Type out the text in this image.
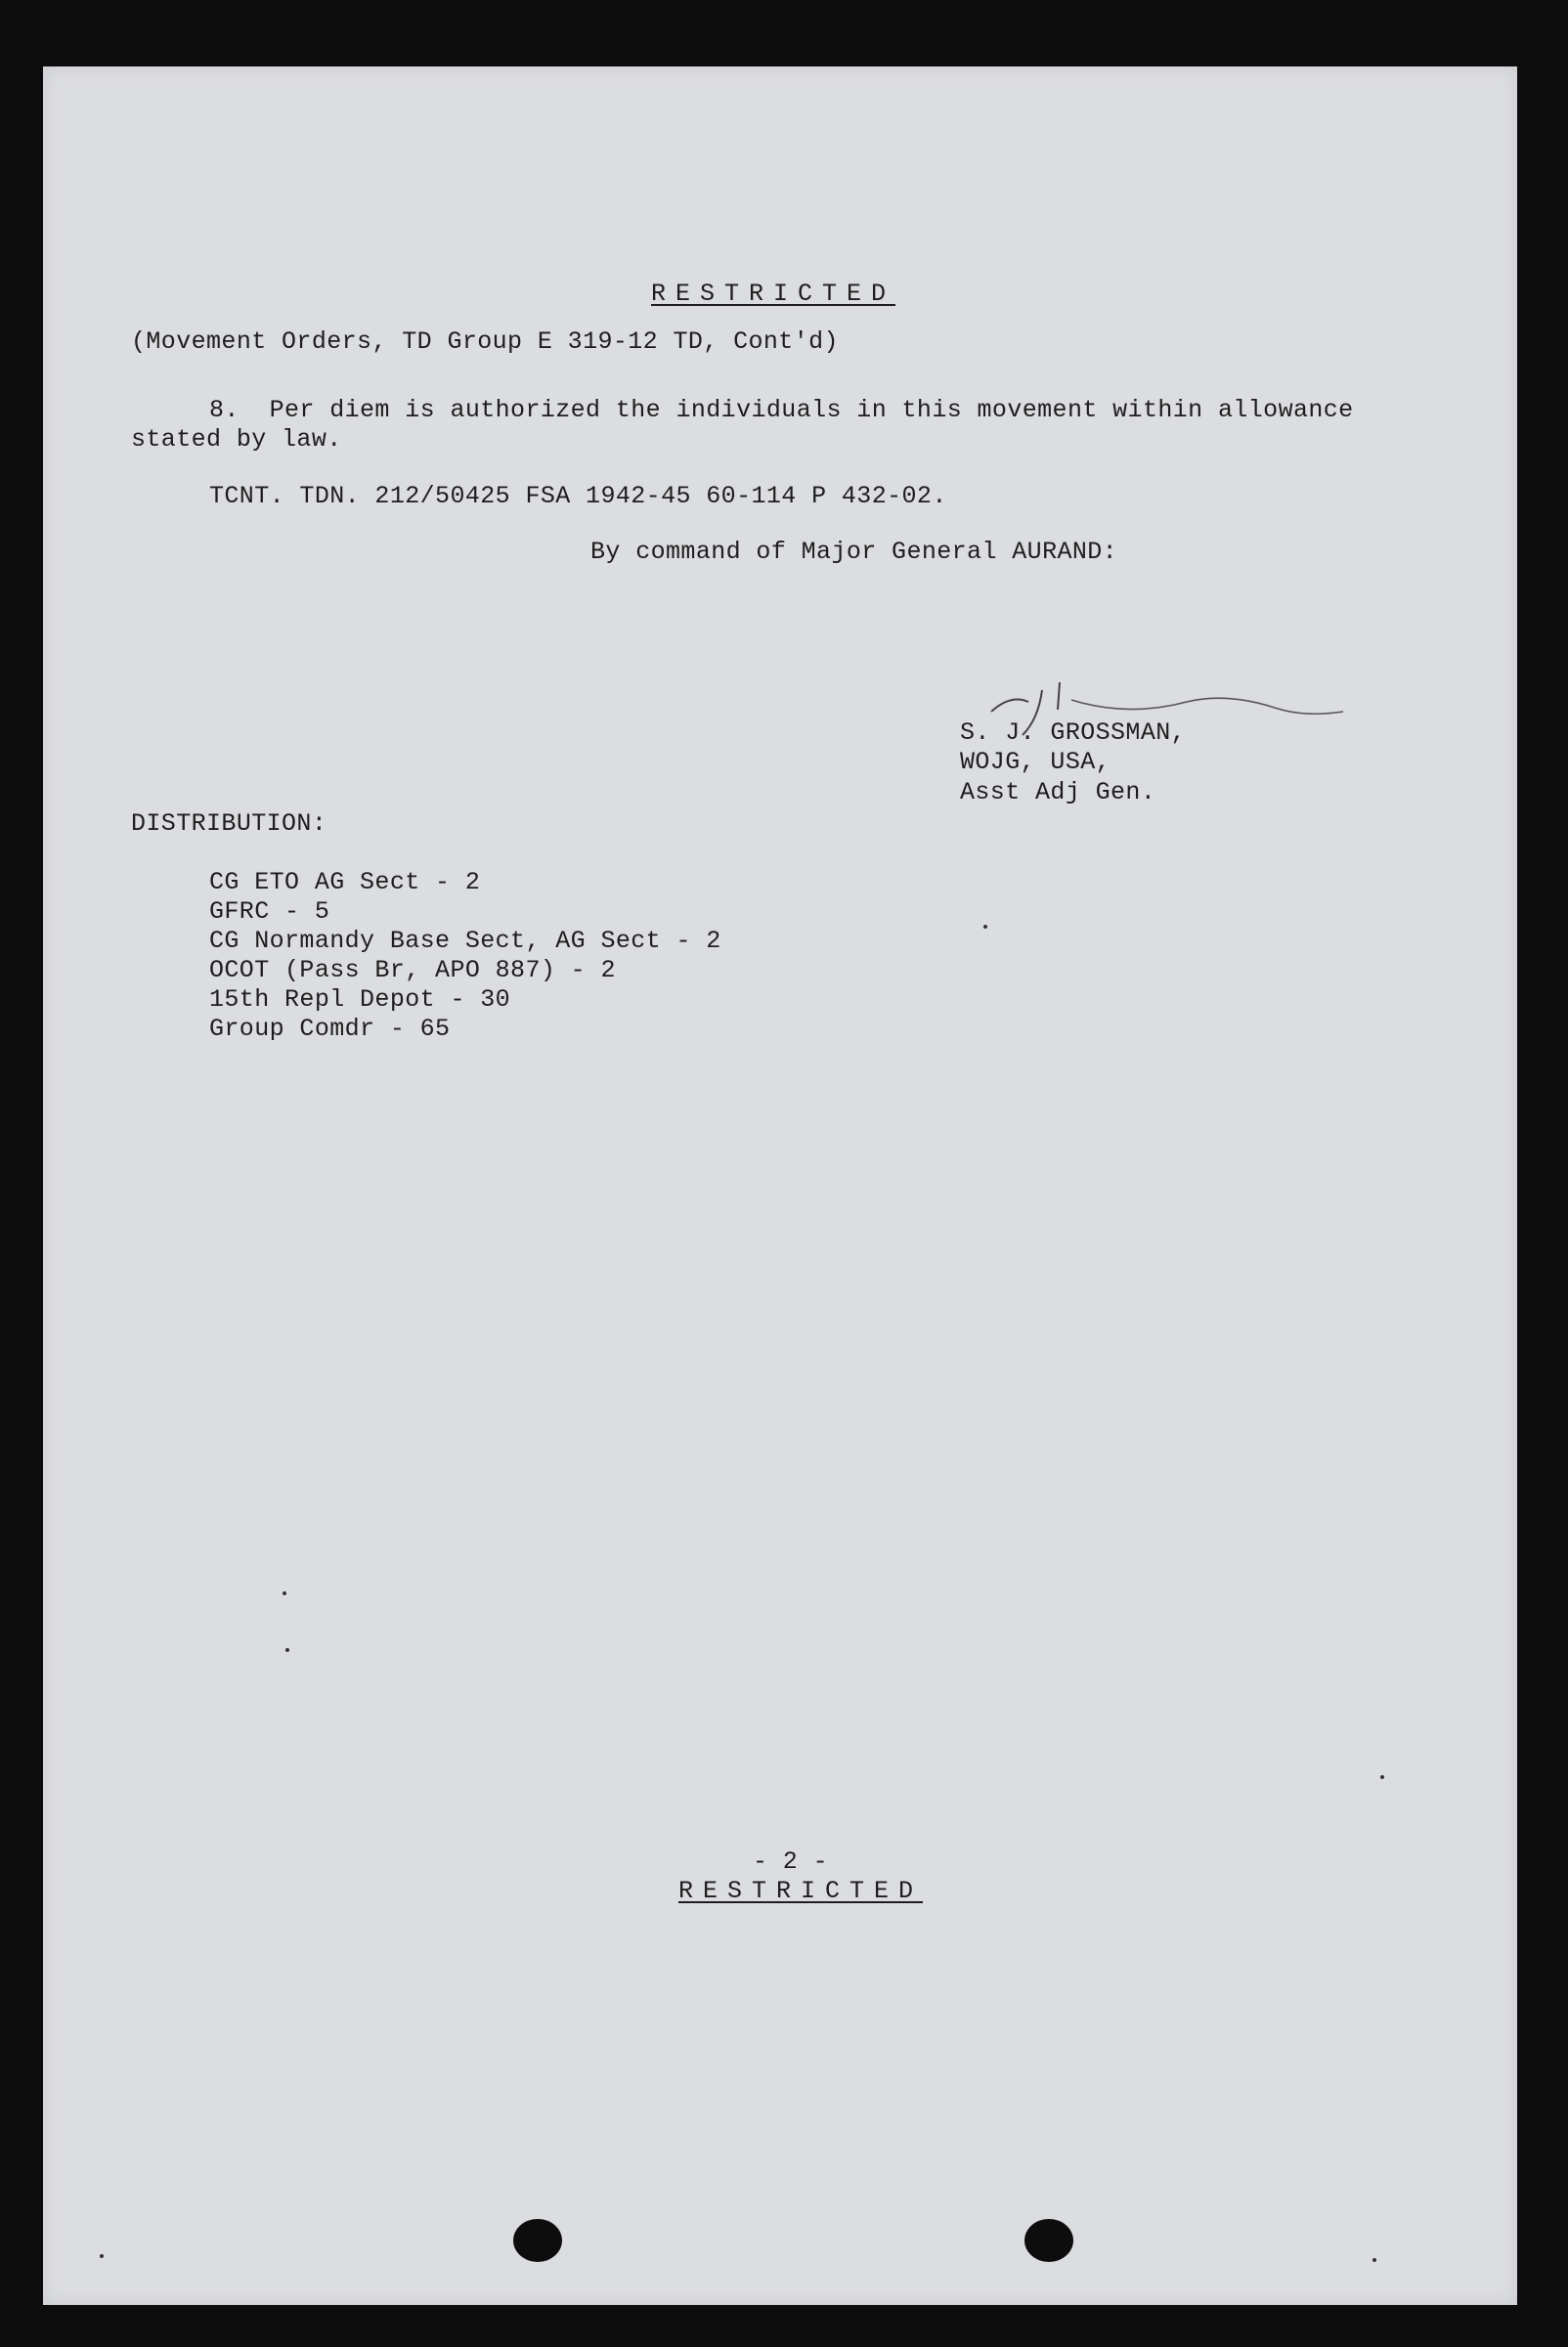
RESTRICTED
(Movement Orders, TD Group E 319-12 TD, Cont'd)
8.  Per diem is authorized the individuals in this movement within allowance
stated by law.
TCNT. TDN. 212/50425 FSA 1942-45 60-114 P 432-02.
By command of Major General AURAND:
S. J. GROSSMAN,
WOJG, USA,
Asst Adj Gen.
DISTRIBUTION:
CG ETO AG Sect - 2
GFRC - 5
CG Normandy Base Sect, AG Sect - 2
OCOT (Pass Br, APO 887) - 2
15th Repl Depot - 30
Group Comdr - 65
- 2 -
RESTRICTED
